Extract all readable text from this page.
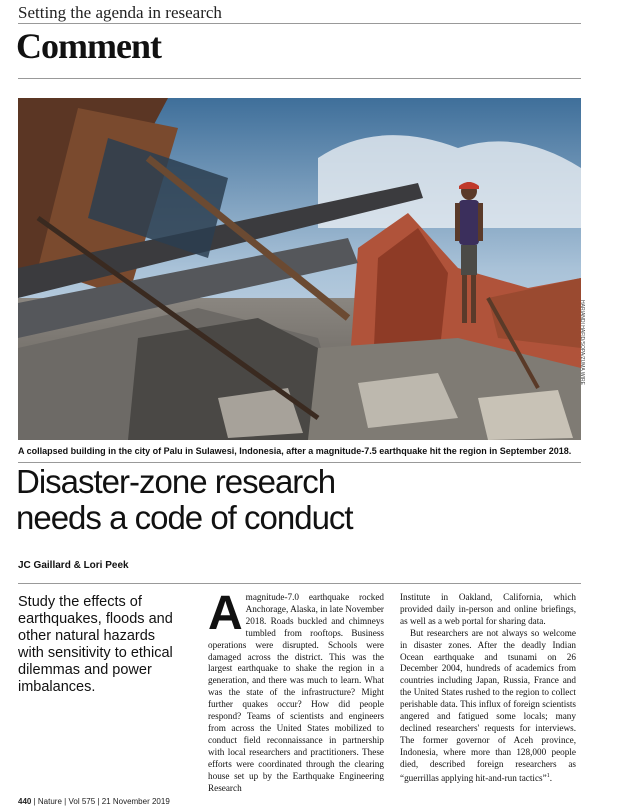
Setting the agenda in research
Comment
HARIANDI HAFID/SOPA/ZUMA WIRE
A collapsed building in the city of Palu in Sulawesi, Indonesia, after a magnitude-7.5 earthquake hit the region in September 2018.
Disaster-zone research
needs a code of conduct
JC Gaillard & Lori Peek
Study the effects of earthquakes, floods and other natural hazards with sensitivity to ethical dilemmas and power imbalances.
A magnitude-7.0 earthquake rocked Anchorage, Alaska, in late November 2018. Roads buckled and chimneys tumbled from rooftops. Business operations were disrupted. Schools were damaged across the district. This was the largest earthquake to shake the region in a generation, and there was much to learn. What was the state of the infrastructure? Might further quakes occur? How did people respond? Teams of scientists and engineers from across the United States mobilized to conduct field reconnaissance in partnership with local researchers and practitioners. These efforts were coordinated through the clearing house set up by the Earthquake Engineering Research

Institute in Oakland, California, which provided daily in-person and online briefings, as well as a web portal for sharing data.

But researchers are not always so welcome in disaster zones. After the deadly Indian Ocean earthquake and tsunami on 26 December 2004, hundreds of academics from countries including Japan, Russia, France and the United States rushed to the region to collect perishable data. This influx of foreign scientists angered and fatigued some locals; many declined researchers' requests for interviews. The former governor of Aceh province, Indonesia, where more than 128,000 people died, described foreign researchers as “guerrillas applying hit-and-run tactics”$^1$.

440 | Nature | Vol 575 | 21 November 2019
